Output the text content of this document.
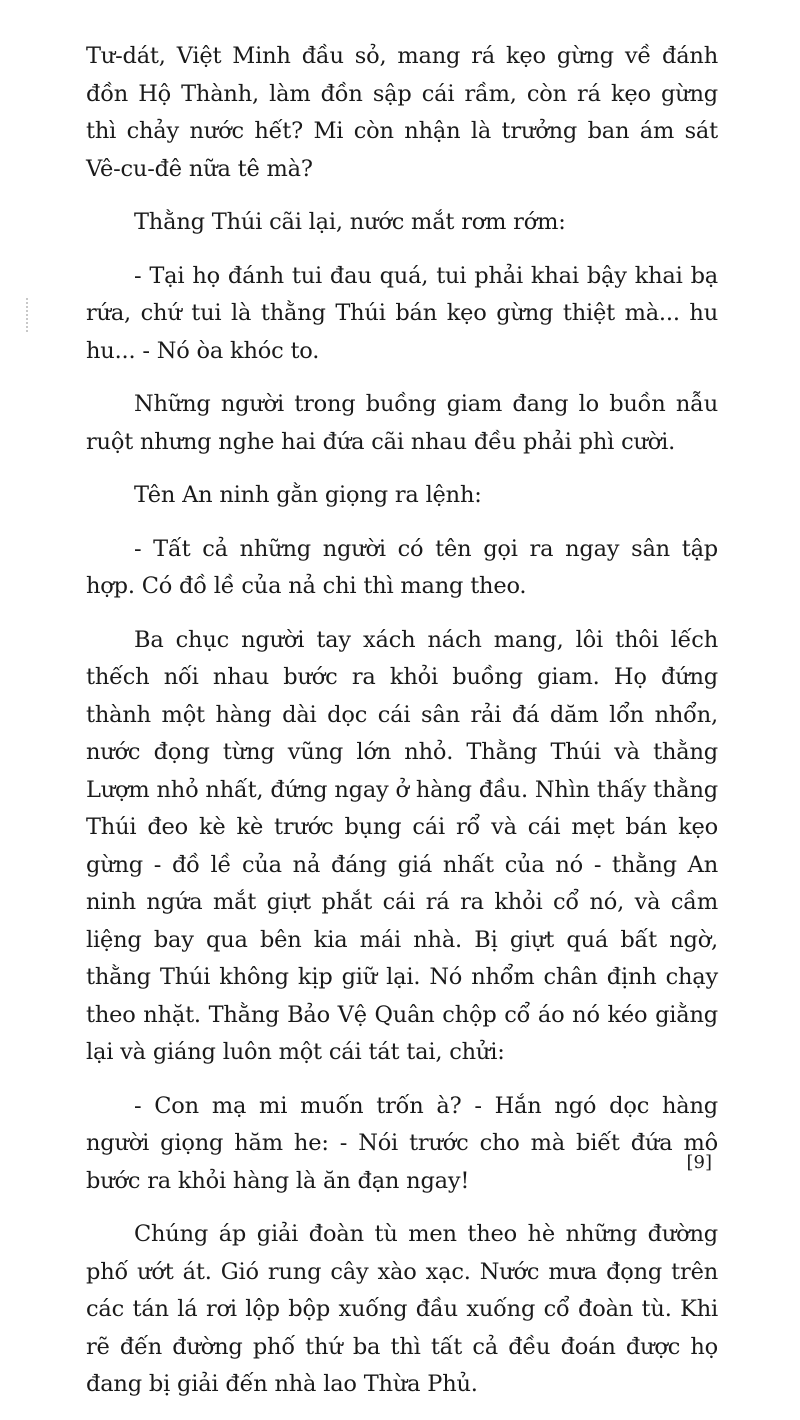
Tư-dát, Việt Minh đầu sỏ, mang rá kẹo gừng về đánh đồn Hộ Thành, làm đồn sập cái rầm, còn rá kẹo gừng thì chảy nước hết? Mi còn nhận là trưởng ban ám sát Vê-cu-đê nữa tê mà?

Thằng Thúi cãi lại, nước mắt rơm rớm:

- Tại họ đánh tui đau quá, tui phải khai bậy khai bạ rứa, chứ tui là thằng Thúi bán kẹo gừng thiệt mà... hu hu... - Nó òa khóc to.

Những người trong buồng giam đang lo buồn nẫu ruột nhưng nghe hai đứa cãi nhau đều phải phì cười.

Tên An ninh gằn giọng ra lệnh:

- Tất cả những người có tên gọi ra ngay sân tập hợp. Có đồ lề của nả chi thì mang theo.

Ba chục người tay xách nách mang, lôi thôi lếch thếch nối nhau bước ra khỏi buồng giam. Họ đứng thành một hàng dài dọc cái sân rải đá dăm lổn nhổn, nước đọng từng vũng lớn nhỏ. Thằng Thúi và thằng Lượm nhỏ nhất, đứng ngay ở hàng đầu. Nhìn thấy thằng Thúi đeo kè kè trước bụng cái rổ và cái mẹt bán kẹo gừng - đồ lề của nả đáng giá nhất của nó - thằng An ninh ngứa mắt giựt phắt cái rá ra khỏi cổ nó, và cầm liệng bay qua bên kia mái nhà. Bị giựt quá bất ngờ, thằng Thúi không kịp giữ lại. Nó nhổm chân định chạy theo nhặt. Thằng Bảo Vệ Quân chộp cổ áo nó kéo giằng lại và giáng luôn một cái tát tai, chửi:

- Con mạ mi muốn trốn à? - Hắn ngó dọc hàng người giọng hăm he: - Nói trước cho mà biết đứa mô bước ra khỏi hàng là ăn đạn ngay!

Chúng áp giải đoàn tù men theo hè những đường phố ướt át. Gió rung cây xào xạc. Nước mưa đọng trên các tán lá rơi lộp bộp xuống đầu xuống cổ đoàn tù. Khi rẽ đến đường phố thứ ba thì tất cả đều đoán được họ đang bị giải đến nhà lao Thừa Phủ.

[9]
